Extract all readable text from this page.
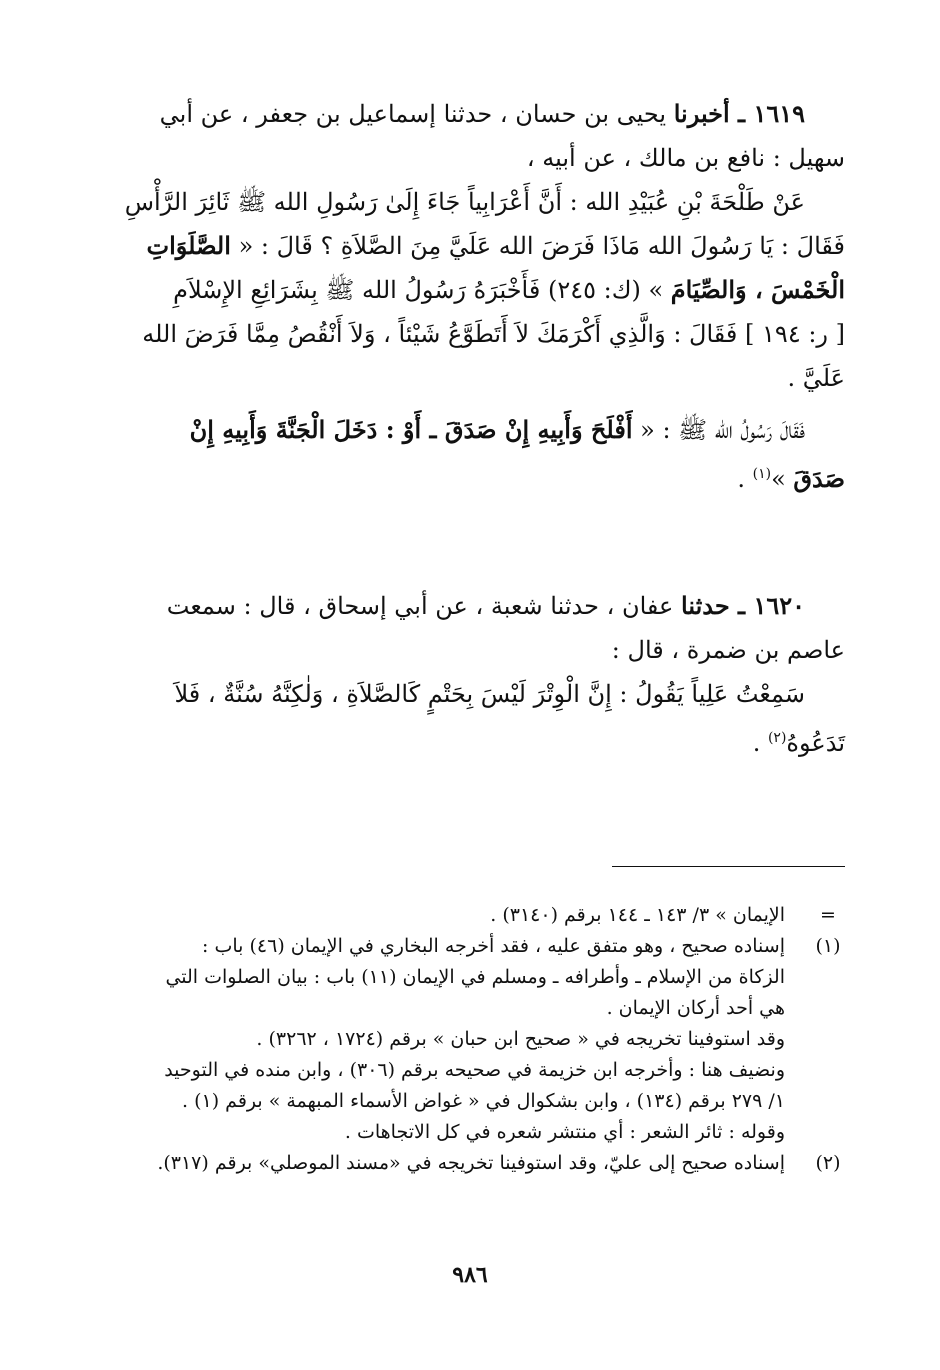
١٦١٩ ـ أخبرنا يحيى بن حسان ، حدثنا إسماعيل بن جعفر ، عن أبي
سهيل : نافع بن مالك ، عن أبيه ،
عَنْ طَلْحَةَ بْنِ عُبَيْدِ الله : أَنَّ أَعْرَابِياً جَاءَ إِلَىٰ رَسُولِ الله ﷺ ثَائِرَ الرَّأْسِ
فَقَالَ : يَا رَسُولَ الله مَاذَا فَرَضَ الله عَلَيَّ مِنَ الصَّلاَةِ ؟ قَالَ : « الصَّلَوَاتِ
الْخَمْسَ ، وَالصِّيَامَ » (ك: ٢٤٥) فَأَخْبَرَهُ رَسُولُ الله ﷺ بِشَرَائِعِ الإِسْلاَمِ
[ ر: ١٩٤ ] فَقَالَ : وَالَّذِي أَكْرَمَكَ لاَ أَتَطَوَّعُ شَيْئاً ، وَلاَ أَنْقُصُ مِمَّا فَرَضَ الله
عَلَيَّ .
فَقَالَ رَسُولُ الله ﷺ : « أَفْلَحَ وَأَبِيهِ إِنْ صَدَقَ ـ أَوْ : دَخَلَ الْجَنَّةَ وَأَبِيهِ إِنْ
صَدَقَ »$^{(١)}$ .
١٦٢٠ ـ حدثنا عفان ، حدثنا شعبة ، عن أبي إسحاق ، قال : سمعت
عاصم بن ضمرة ، قال :
سَمِعْتُ عَلِياً يَقُولُ : إِنَّ الْوِتْرَ لَيْسَ بِحَتْمٍ كَالصَّلاَةِ ، وَلٰكِنَّهُ سُنَّةٌ ، فَلاَ
تَدَعُوهُ$^{(٢)}$ .
=
الإيمان » ٣/ ١٤٣ ـ ١٤٤ برقم (٣١٤٠) .
(١)
إسناده صحيح ، وهو متفق عليه ، فقد أخرجه البخاري في الإيمان (٤٦) باب :
الزكاة من الإسلام ـ وأطرافه ـ ومسلم في الإيمان (١١) باب : بيان الصلوات التي
هي أحد أركان الإيمان .
وقد استوفينا تخريجه في « صحيح ابن حبان » برقم (١٧٢٤ ، ٣٢٦٢) .
ونضيف هنا : وأخرجه ابن خزيمة في صحيحه برقم (٣٠٦) ، وابن منده في التوحيد
١/ ٢٧٩ برقم (١٣٤) ، وابن بشكوال في « غواض الأسماء المبهمة » برقم (١) .
وقوله : ثائر الشعر : أي منتشر شعره في كل الاتجاهات .
(٢)
إسناده صحيح إلى عليّ، وقد استوفينا تخريجه في «مسند الموصلي» برقم (٣١٧).
٩٨٦
